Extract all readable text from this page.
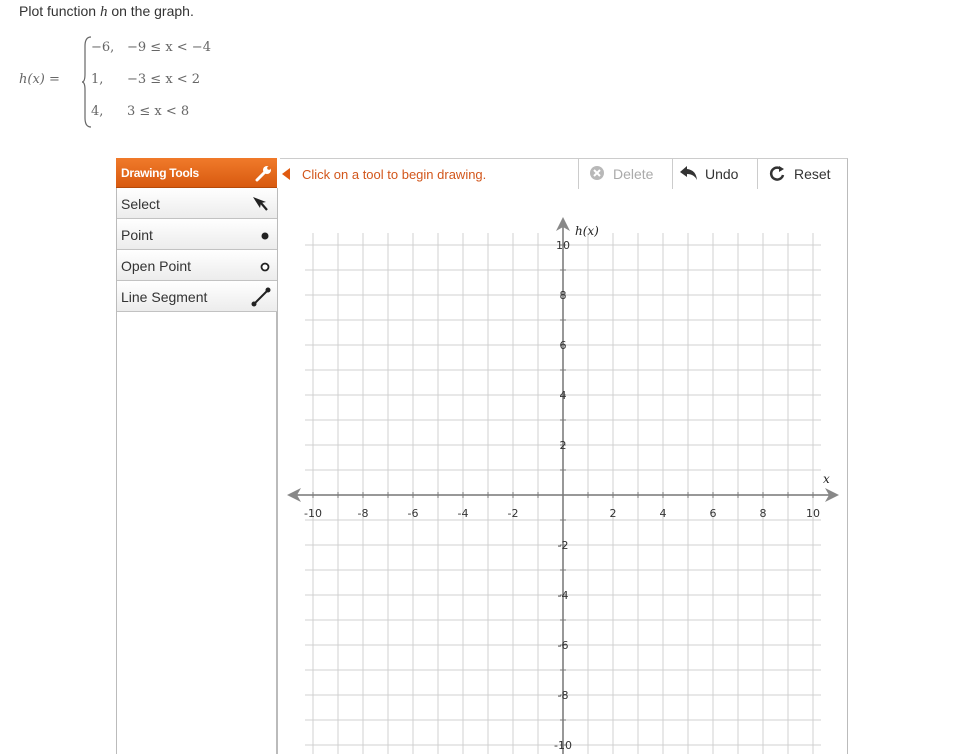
Plot function h on the graph.
h(x) =
−6, −9 ≤ x < −4
1, −3 ≤ x < 2
4, 3 ≤ x < 8
Drawing Tools
Select
Point
Open Point
Line Segment
Click on a tool to begin drawing.	Delete	Undo	Reset
-10	-8	-6	-4	-2	2	4	6	8	10
10
8
6
4
2
-2
-4
-6
-8
-10
x
h(x)
